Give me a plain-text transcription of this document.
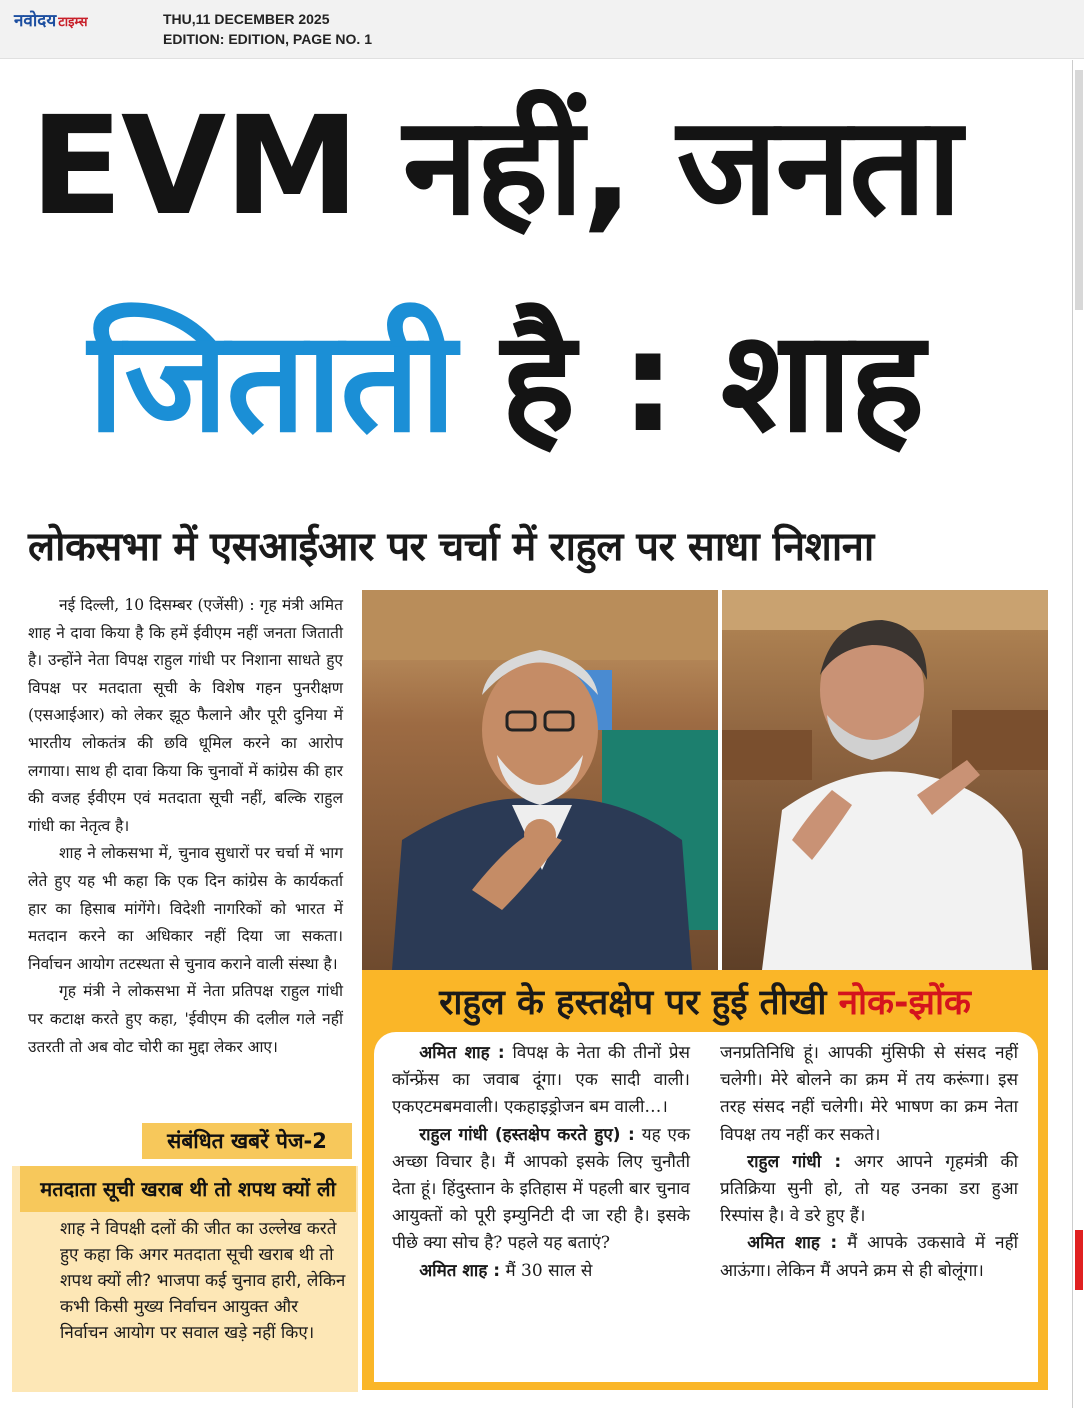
नवोदय टाइम्स	THU,11 DECEMBER 2025
EDITION: EDITION, PAGE NO. 1
EVM नहीं, जनता
जिताती है : शाह
लोकसभा में एसआईआर पर चर्चा में राहुल पर साधा निशाना

नई दिल्ली, 10 दिसम्बर (एजेंसी) : गृह मंत्री अमित शाह ने दावा किया है कि हमें ईवीएम नहीं जनता जिताती है। उन्होंने नेता विपक्ष राहुल गांधी पर निशाना साधते हुए विपक्ष पर मतदाता सूची के विशेष गहन पुनरीक्षण (एसआईआर) को लेकर झूठ फैलाने और पूरी दुनिया में भारतीय लोकतंत्र की छवि धूमिल करने का आरोप लगाया। साथ ही दावा किया कि चुनावों में कांग्रेस की हार की वजह ईवीएम एवं मतदाता सूची नहीं, बल्कि राहुल गांधी का नेतृत्व है।

शाह ने लोकसभा में, चुनाव सुधारों पर चर्चा में भाग लेते हुए यह भी कहा कि एक दिन कांग्रेस के कार्यकर्ता हार का हिसाब मांगेंगे। विदेशी नागरिकों को भारत में मतदान करने का अधिकार नहीं दिया जा सकता। निर्वाचन आयोग तटस्थता से चुनाव कराने वाली संस्था है।

गृह मंत्री ने लोकसभा में नेता प्रतिपक्ष राहुल गांधी पर कटाक्ष करते हुए कहा, 'ईवीएम की दलील गले नहीं उतरती तो अब वोट चोरी का मुद्दा लेकर आए।

संबंधित खबरें पेज-2
मतदाता सूची खराब थी तो शपथ क्यों ली
शाह ने विपक्षी दलों की जीत का उल्लेख करते हुए कहा कि अगर मतदाता सूची खराब थी तो शपथ क्यों ली? भाजपा कई चुनाव हारी, लेकिन कभी किसी मुख्य निर्वाचन आयुक्त और निर्वाचन आयोग पर सवाल खड़े नहीं किए।
राहुल के हस्तक्षेप पर हुई तीखी नोक-झोंक

अमित शाह : विपक्ष के नेता की तीनों प्रेस कॉन्फ्रेंस का जवाब दूंगा। एक सादी वाली। एकएटमबमवाली। एकहाइड्रोजन बम वाली…।

राहुल गांधी (हस्तक्षेप करते हुए) : यह एक अच्छा विचार है। मैं आपको इसके लिए चुनौती देता हूं। हिंदुस्तान के इतिहास में पहली बार चुनाव आयुक्तों को पूरी इम्युनिटी दी जा रही है। इसके पीछे क्या सोच है? पहले यह बताएं?

अमित शाह : मैं 30 साल से

जनप्रतिनिधि हूं। आपकी मुंसिफी से संसद नहीं चलेगी। मेरे बोलने का क्रम में तय करूंगा। इस तरह संसद नहीं चलेगी। मेरे भाषण का क्रम नेता विपक्ष तय नहीं कर सकते।

राहुल गांधी : अगर आपने गृहमंत्री की प्रतिक्रिया सुनी हो, तो यह उनका डरा हुआ रिस्पांस है। वे डरे हुए हैं।

अमित शाह : मैं आपके उकसावे में नहीं आऊंगा। लेकिन मैं अपने क्रम से ही बोलूंगा।
